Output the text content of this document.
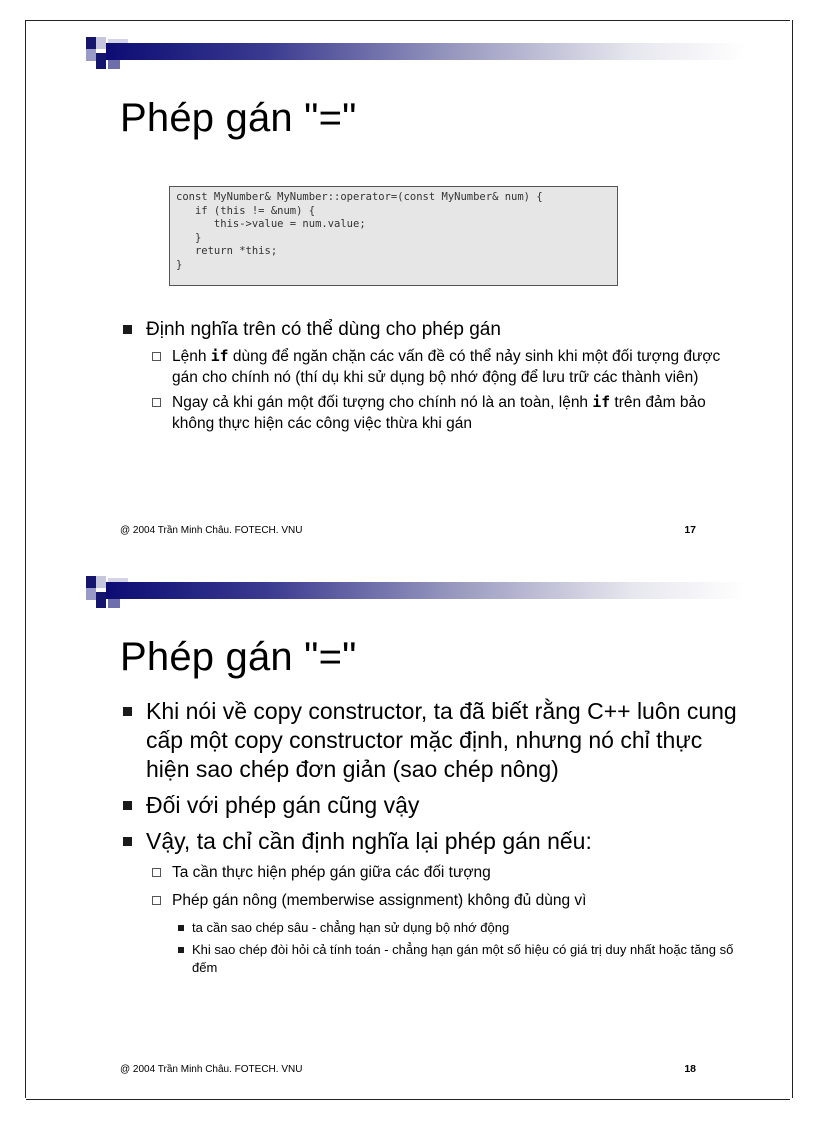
Phép gán "="
const MyNumber& MyNumber::operator=(const MyNumber& num) {
if (this != &num) {
this->value = num.value;
}
return *this;
}
Định nghĩa trên có thể dùng cho phép gán
Lệnh if dùng để ngăn chặn các vấn đề có thể nảy sinh khi một đối tượng được gán cho chính nó (thí dụ khi sử dụng bộ nhớ động để lưu trữ các thành viên)
Ngay cả khi gán một đối tượng cho chính nó là an toàn, lệnh if trên đảm bảo không thực hiện các công việc thừa khi gán
@ 2004 Trần Minh Châu. FOTECH. VNU	17
Phép gán "="
Khi nói về copy constructor, ta đã biết rằng C++ luôn cung cấp một copy constructor mặc định, nhưng nó chỉ thực hiện sao chép đơn giản (sao chép nông)
Đối với phép gán cũng vậy
Vậy, ta chỉ cần định nghĩa lại phép gán nếu:
Ta cần thực hiện phép gán giữa các đối tượng
Phép gán nông (memberwise assignment) không đủ dùng vì
ta cần sao chép sâu - chẳng hạn sử dụng bộ nhớ động
Khi sao chép đòi hỏi cả tính toán - chẳng hạn gán một số hiệu có giá trị duy nhất hoặc tăng số đếm
@ 2004 Trần Minh Châu. FOTECH. VNU	18
